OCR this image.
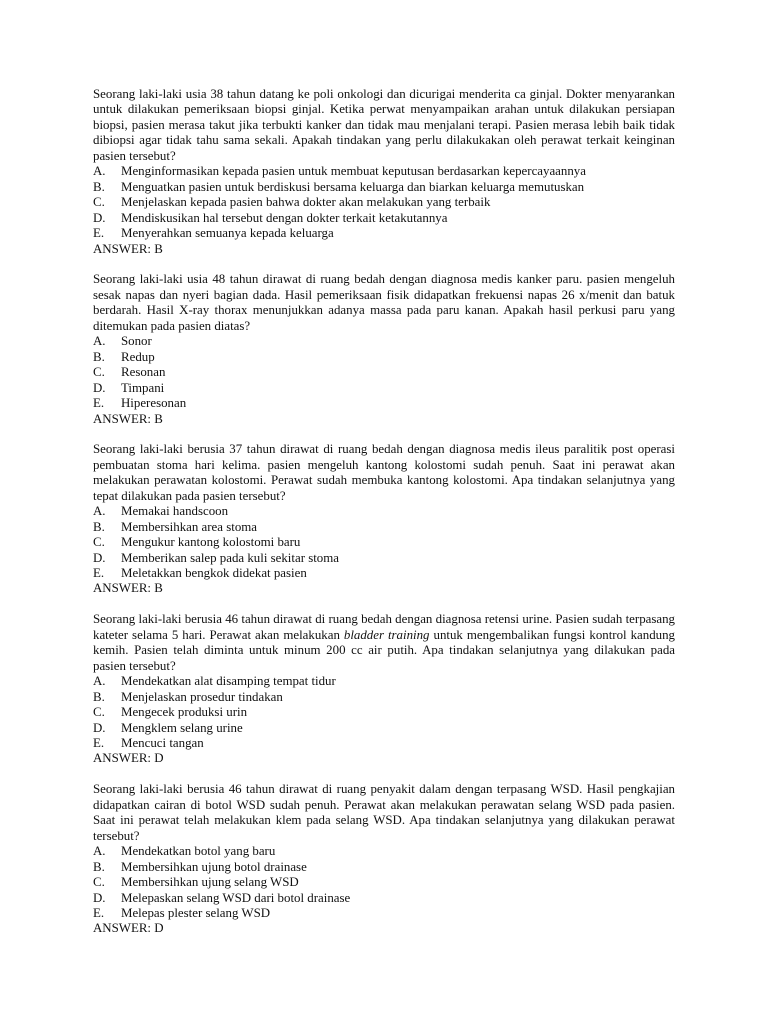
Seorang laki-laki usia 38 tahun datang ke poli onkologi dan dicurigai menderita ca ginjal. Dokter menyarankan untuk dilakukan pemeriksaan biopsi ginjal. Ketika perwat menyampaikan arahan untuk dilakukan persiapan biopsi, pasien merasa takut jika terbukti kanker dan tidak mau menjalani terapi. Pasien merasa lebih baik tidak dibiopsi agar tidak tahu sama sekali. Apakah tindakan yang perlu dilakukakan oleh perawat terkait keinginan pasien tersebut?

A.	Menginformasikan kepada pasien untuk membuat keputusan berdasarkan kepercayaannya
B.	Menguatkan pasien untuk berdiskusi bersama keluarga dan biarkan keluarga memutuskan
C.	Menjelaskan kepada pasien bahwa dokter akan melakukan yang terbaik
D.	Mendiskusikan hal tersebut dengan dokter terkait ketakutannya
E.	Menyerahkan semuanya kepada keluarga

ANSWER: B

Seorang laki-laki usia 48 tahun dirawat di ruang bedah dengan diagnosa medis kanker paru. pasien mengeluh sesak napas dan nyeri bagian dada. Hasil pemeriksaan fisik didapatkan frekuensi napas 26 x/menit dan batuk berdarah. Hasil X-ray thorax menunjukkan adanya massa pada paru kanan. Apakah hasil perkusi paru yang ditemukan pada pasien diatas?

A.	Sonor
B.	Redup
C.	Resonan
D.	Timpani
E.	Hiperesonan

ANSWER: B

Seorang laki-laki berusia 37 tahun dirawat di ruang bedah dengan diagnosa medis ileus paralitik post operasi pembuatan stoma hari kelima. pasien mengeluh kantong kolostomi sudah penuh. Saat ini perawat akan melakukan perawatan kolostomi. Perawat sudah membuka kantong kolostomi. Apa tindakan selanjutnya yang tepat dilakukan pada pasien tersebut?

A.	Memakai handscoon
B.	Membersihkan area stoma
C.	Mengukur kantong kolostomi baru
D.	Memberikan salep pada kuli sekitar stoma
E.	Meletakkan bengkok didekat pasien

ANSWER: B

Seorang laki-laki berusia 46 tahun dirawat di ruang bedah dengan diagnosa retensi urine. Pasien sudah terpasang kateter selama 5 hari. Perawat akan melakukan bladder training untuk mengembalikan fungsi kontrol kandung kemih. Pasien telah diminta untuk minum 200 cc air putih. Apa tindakan selanjutnya yang dilakukan pada pasien tersebut?

A.	Mendekatkan alat disamping tempat tidur
B.	Menjelaskan prosedur tindakan
C.	Mengecek produksi urin
D.	Mengklem selang urine
E.	Mencuci tangan

ANSWER: D

Seorang laki-laki berusia 46 tahun dirawat di ruang penyakit dalam dengan terpasang WSD. Hasil pengkajian didapatkan cairan di botol WSD sudah penuh. Perawat akan melakukan perawatan selang WSD pada pasien. Saat ini perawat telah melakukan klem pada selang WSD. Apa tindakan selanjutnya yang dilakukan perawat tersebut?

A.	Mendekatkan botol yang baru
B.	Membersihkan ujung botol drainase
C.	Membersihkan ujung selang WSD
D.	Melepaskan selang WSD dari botol drainase
E.	Melepas plester selang WSD

ANSWER: D
